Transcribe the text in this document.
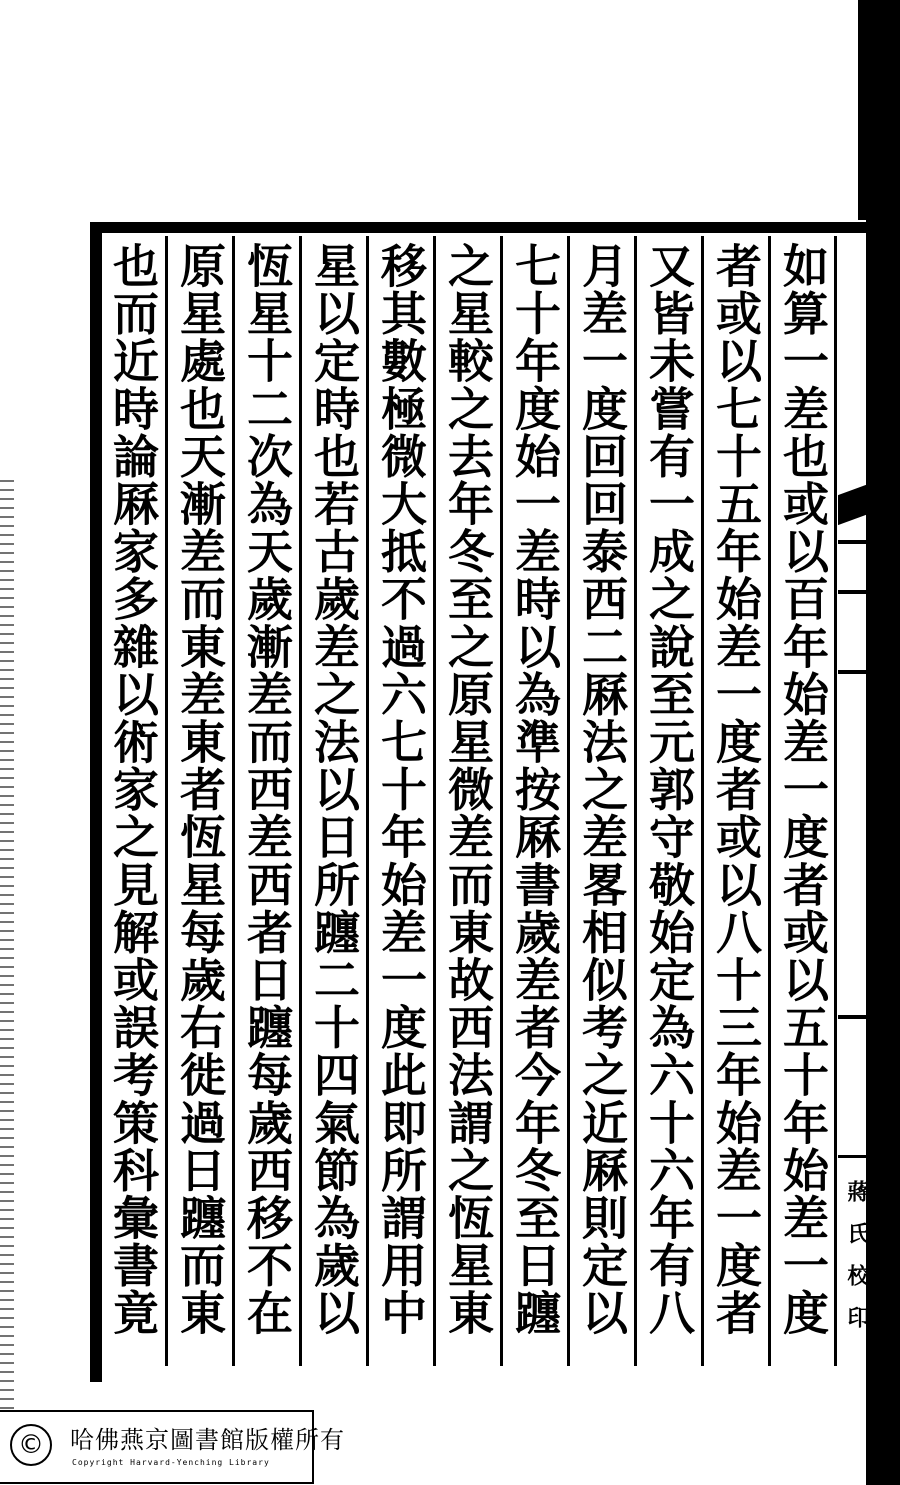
也而近時論厤家多雜以術家之見解或誤考策科彙書竟 原星處也天漸差而東差東者恆星每歲右徙過日躔而東 恆星十二次為天歲漸差而西差西者日躔每歲西移不在 星以定時也若古歲差之法以日所躔二十四氣節為歲以 移其數極微大抵不過六七十年始差一度此即所謂用中 之星較之去年冬至之原星微差而東故西法謂之恆星東 七十年度始一差時以為準按厤書歲差者今年冬至日躔 月差一度回回泰西二厤法之差畧相似考之近厤則定以 又皆未嘗有一成之說至元郭守敬始定為六十六年有八 者或以七十五年始差一度者或以八十三年始差一度者 如算一差也或以百年始差一度者或以五十年始差一度 蔣氏校印
©	哈佛燕京圖書館版權所有
Copyright Harvard-Yenching Library
